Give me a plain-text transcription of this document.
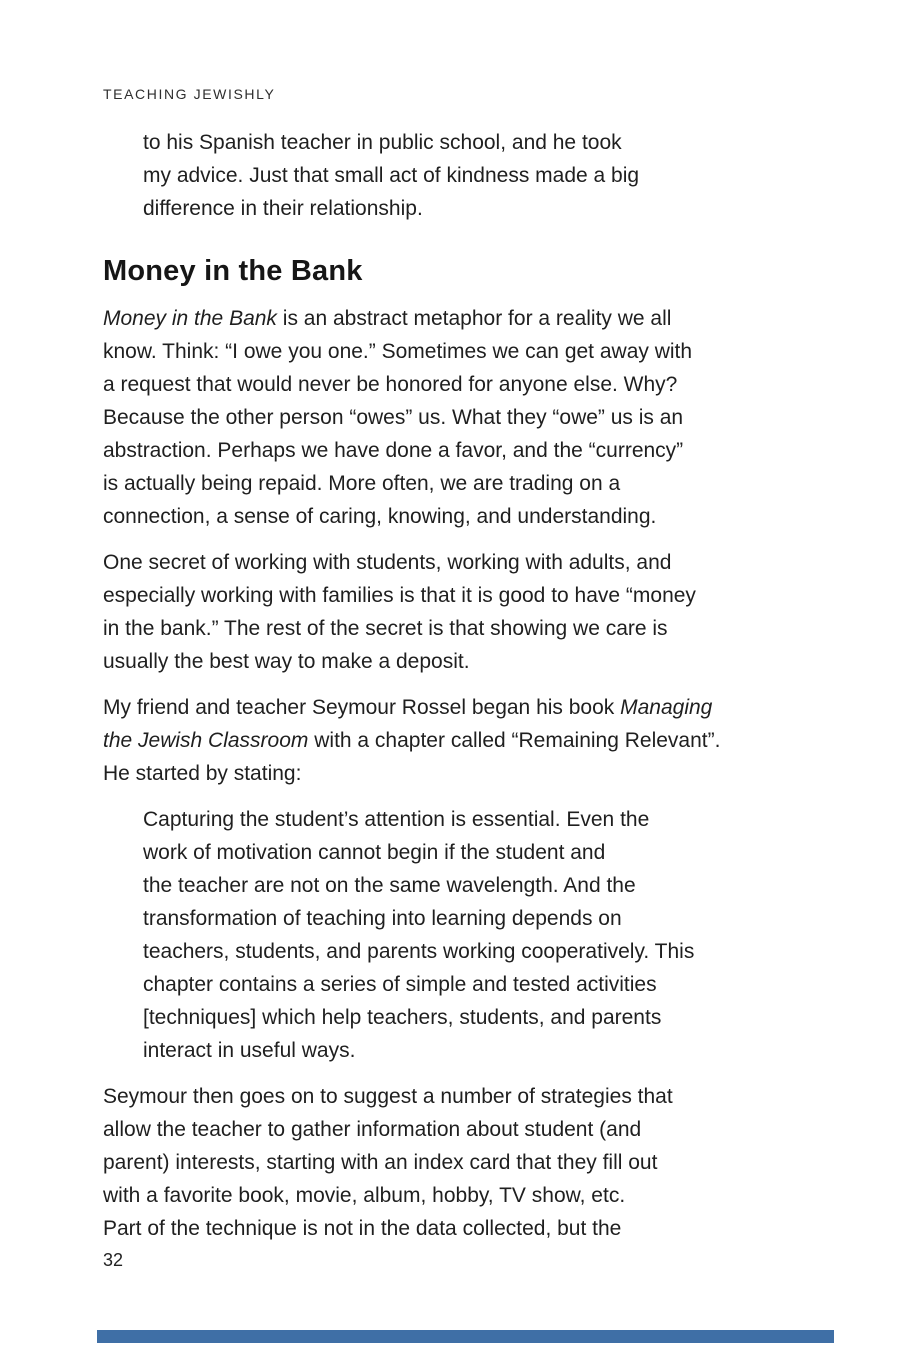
TEACHING JEWISHLY
to his Spanish teacher in public school, and he took
my advice. Just that small act of kindness made a big
difference in their relationship.
Money in the Bank
Money in the Bank is an abstract metaphor for a reality we all
know. Think: “I owe you one.” Sometimes we can get away with
a request that would never be honored for anyone else. Why?
Because the other person “owes” us. What they “owe” us is an
abstraction. Perhaps we have done a favor, and the “currency”
is actually being repaid. More often, we are trading on a
connection, a sense of caring, knowing, and understanding.
One secret of working with students, working with adults, and
especially working with families is that it is good to have “money
in the bank.” The rest of the secret is that showing we care is
usually the best way to make a deposit.
My friend and teacher Seymour Rossel began his book Managing
the Jewish Classroom with a chapter called “Remaining Relevant”.
He started by stating:
Capturing the student’s attention is essential. Even the
work of motivation cannot begin if the student and
the teacher are not on the same wavelength. And the
transformation of teaching into learning depends on
teachers, students, and parents working cooperatively. This
chapter contains a series of simple and tested activities
[techniques] which help teachers, students, and parents
interact in useful ways.
Seymour then goes on to suggest a number of strategies that
allow the teacher to gather information about student (and
parent) interests, starting with an index card that they fill out
with a favorite book, movie, album, hobby, TV show, etc.
Part of the technique is not in the data collected, but the
32
